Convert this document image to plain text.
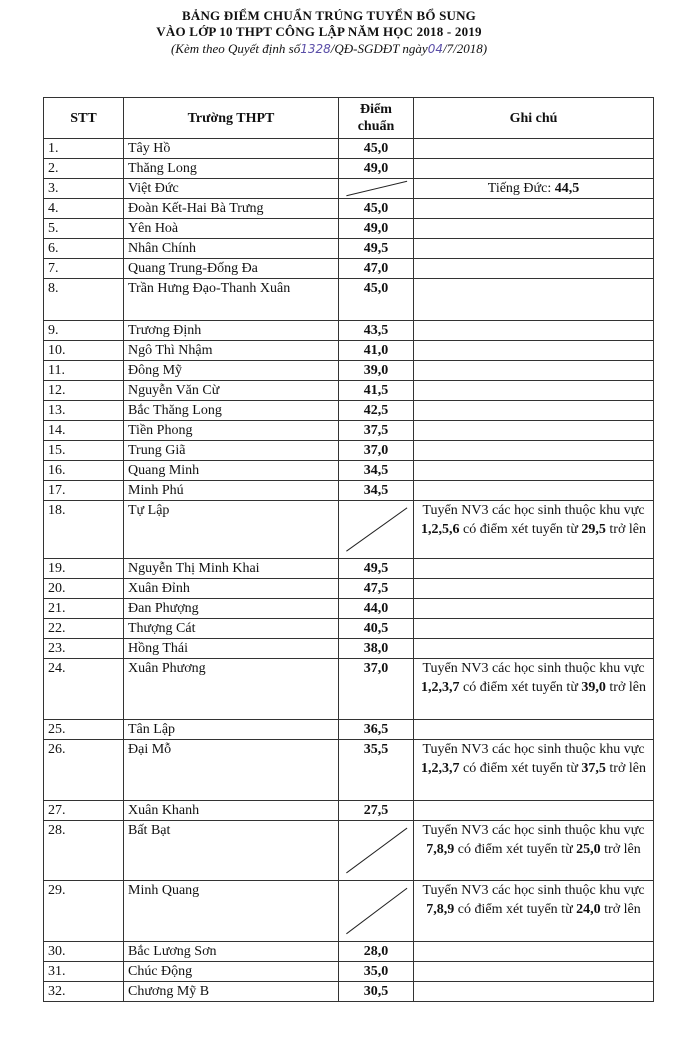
BẢNG ĐIỂM CHUẨN TRÚNG TUYỂN BỔ SUNG
VÀO LỚP 10 THPT CÔNG LẬP NĂM HỌC 2018 - 2019
(Kèm theo Quyết định số1328/QĐ-SGDĐT ngày04/7/2018)
STT	Trường THPT	Điểm chuẩn	Ghi chú
1.	Tây Hồ	45,0	
2.	Thăng Long	49,0	
3.	Việt Đức		Tiếng Đức: 44,5
4.	Đoàn Kết-Hai Bà Trưng	45,0	
5.	Yên Hoà	49,0	
6.	Nhân Chính	49,5	
7.	Quang Trung-Đống Đa	47,0	
8.	Trần Hưng Đạo-Thanh Xuân	45,0	
9.	Trương Định	43,5	
10.	Ngô Thì Nhậm	41,0	
11.	Đông Mỹ	39,0	
12.	Nguyễn Văn Cừ	41,5	
13.	Bắc Thăng Long	42,5	
14.	Tiền Phong	37,5	
15.	Trung Giã	37,0	
16.	Quang Minh	34,5	
17.	Minh Phú	34,5	
18.	Tự Lập		Tuyển NV3 các học sinh thuộc khu vực 1,2,5,6 có điểm xét tuyển từ 29,5 trở lên
19.	Nguyễn Thị Minh Khai	49,5	
20.	Xuân Đỉnh	47,5	
21.	Đan Phượng	44,0	
22.	Thượng Cát	40,5	
23.	Hồng Thái	38,0	
24.	Xuân Phương	37,0	Tuyển NV3 các học sinh thuộc khu vực 1,2,3,7 có điểm xét tuyển từ 39,0 trở lên
25.	Tân Lập	36,5	
26.	Đại Mỗ	35,5	Tuyển NV3 các học sinh thuộc khu vực 1,2,3,7 có điểm xét tuyển từ 37,5 trở lên
27.	Xuân Khanh	27,5	
28.	Bất Bạt		Tuyển NV3 các học sinh thuộc khu vực 7,8,9 có điểm xét tuyển từ 25,0 trở lên
29.	Minh Quang		Tuyển NV3 các học sinh thuộc khu vực 7,8,9 có điểm xét tuyển từ 24,0 trở lên
30.	Bắc Lương Sơn	28,0	
31.	Chúc Động	35,0	
32.	Chương Mỹ B	30,5	
